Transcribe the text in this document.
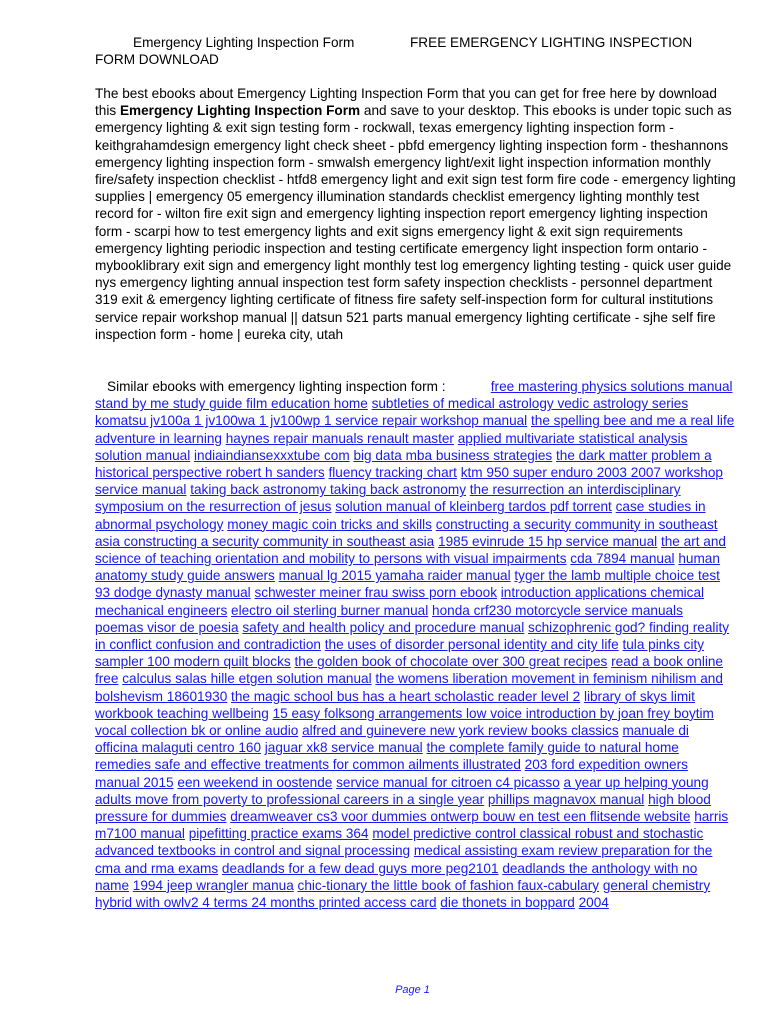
Emergency Lighting Inspection Form	FREE EMERGENCY LIGHTING INSPECTION
FORM DOWNLOAD
The best ebooks about Emergency Lighting Inspection Form that you can get for free here by download this Emergency Lighting Inspection Form and save to your desktop. This ebooks is under topic such as emergency lighting & exit sign testing form - rockwall, texas emergency lighting inspection form - keithgrahamdesign emergency light check sheet - pbfd emergency lighting inspection form - theshannons emergency lighting inspection form - smwalsh emergency light/exit light inspection information monthly fire/safety inspection checklist - htfd8 emergency light and exit sign test form fire code - emergency lighting supplies | emergency 05 emergency illumination standards checklist emergency lighting monthly test record for - wilton fire exit sign and emergency lighting inspection report emergency lighting inspection form - scarpi how to test emergency lights and exit signs emergency light & exit sign requirements emergency lighting periodic inspection and testing certificate emergency light inspection form ontario - mybooklibrary exit sign and emergency light monthly test log emergency lighting testing - quick user guide nys emergency lighting annual inspection test form safety inspection checklists - personnel department 319 exit & emergency lighting certificate of fitness fire safety self-inspection form for cultural institutions service repair workshop manual || datsun 521 parts manual emergency lighting certificate - sjhe self fire inspection form - home | eureka city, utah
Similar ebooks with emergency lighting inspection form :	free mastering physics solutions manual stand by me study guide film education home subtleties of medical astrology vedic astrology series komatsu jv100a 1 jv100wa 1 jv100wp 1 service repair workshop manual the spelling bee and me a real life adventure in learning haynes repair manuals renault master applied multivariate statistical analysis solution manual indiaindiansexxxtube com big data mba business strategies the dark matter problem a historical perspective robert h sanders fluency tracking chart ktm 950 super enduro 2003 2007 workshop service manual taking back astronomy taking back astronomy the resurrection an interdisciplinary symposium on the resurrection of jesus solution manual of kleinberg tardos pdf torrent case studies in abnormal psychology money magic coin tricks and skills constructing a security community in southeast asia constructing a security community in southeast asia 1985 evinrude 15 hp service manual the art and science of teaching orientation and mobility to persons with visual impairments cda 7894 manual human anatomy study guide answers manual lg 2015 yamaha raider manual tyger the lamb multiple choice test 93 dodge dynasty manual schwester meiner frau swiss porn ebook introduction applications chemical mechanical engineers electro oil sterling burner manual honda crf230 motorcycle service manuals poemas visor de poesia safety and health policy and procedure manual schizophrenic god? finding reality in conflict confusion and contradiction the uses of disorder personal identity and city life tula pinks city sampler 100 modern quilt blocks the golden book of chocolate over 300 great recipes read a book online free calculus salas hille etgen solution manual the womens liberation movement in feminism nihilism and bolshevism 18601930 the magic school bus has a heart scholastic reader level 2 library of skys limit workbook teaching wellbeing 15 easy folksong arrangements low voice introduction by joan frey boytim vocal collection bk or online audio alfred and guinevere new york review books classics manuale di officina malaguti centro 160 jaguar xk8 service manual the complete family guide to natural home remedies safe and effective treatments for common ailments illustrated 203 ford expedition owners manual 2015 een weekend in oostende service manual for citroen c4 picasso a year up helping young adults move from poverty to professional careers in a single year phillips magnavox manual high blood pressure for dummies dreamweaver cs3 voor dummies ontwerp bouw en test een flitsende website harris m7100 manual pipefitting practice exams 364 model predictive control classical robust and stochastic advanced textbooks in control and signal processing medical assisting exam review preparation for the cma and rma exams deadlands for a few dead guys more peg2101 deadlands the anthology with no name 1994 jeep wrangler manua chic-tionary the little book of fashion faux-cabulary general chemistry hybrid with owlv2 4 terms 24 months printed access card die thonets in boppard 2004
Page 1
